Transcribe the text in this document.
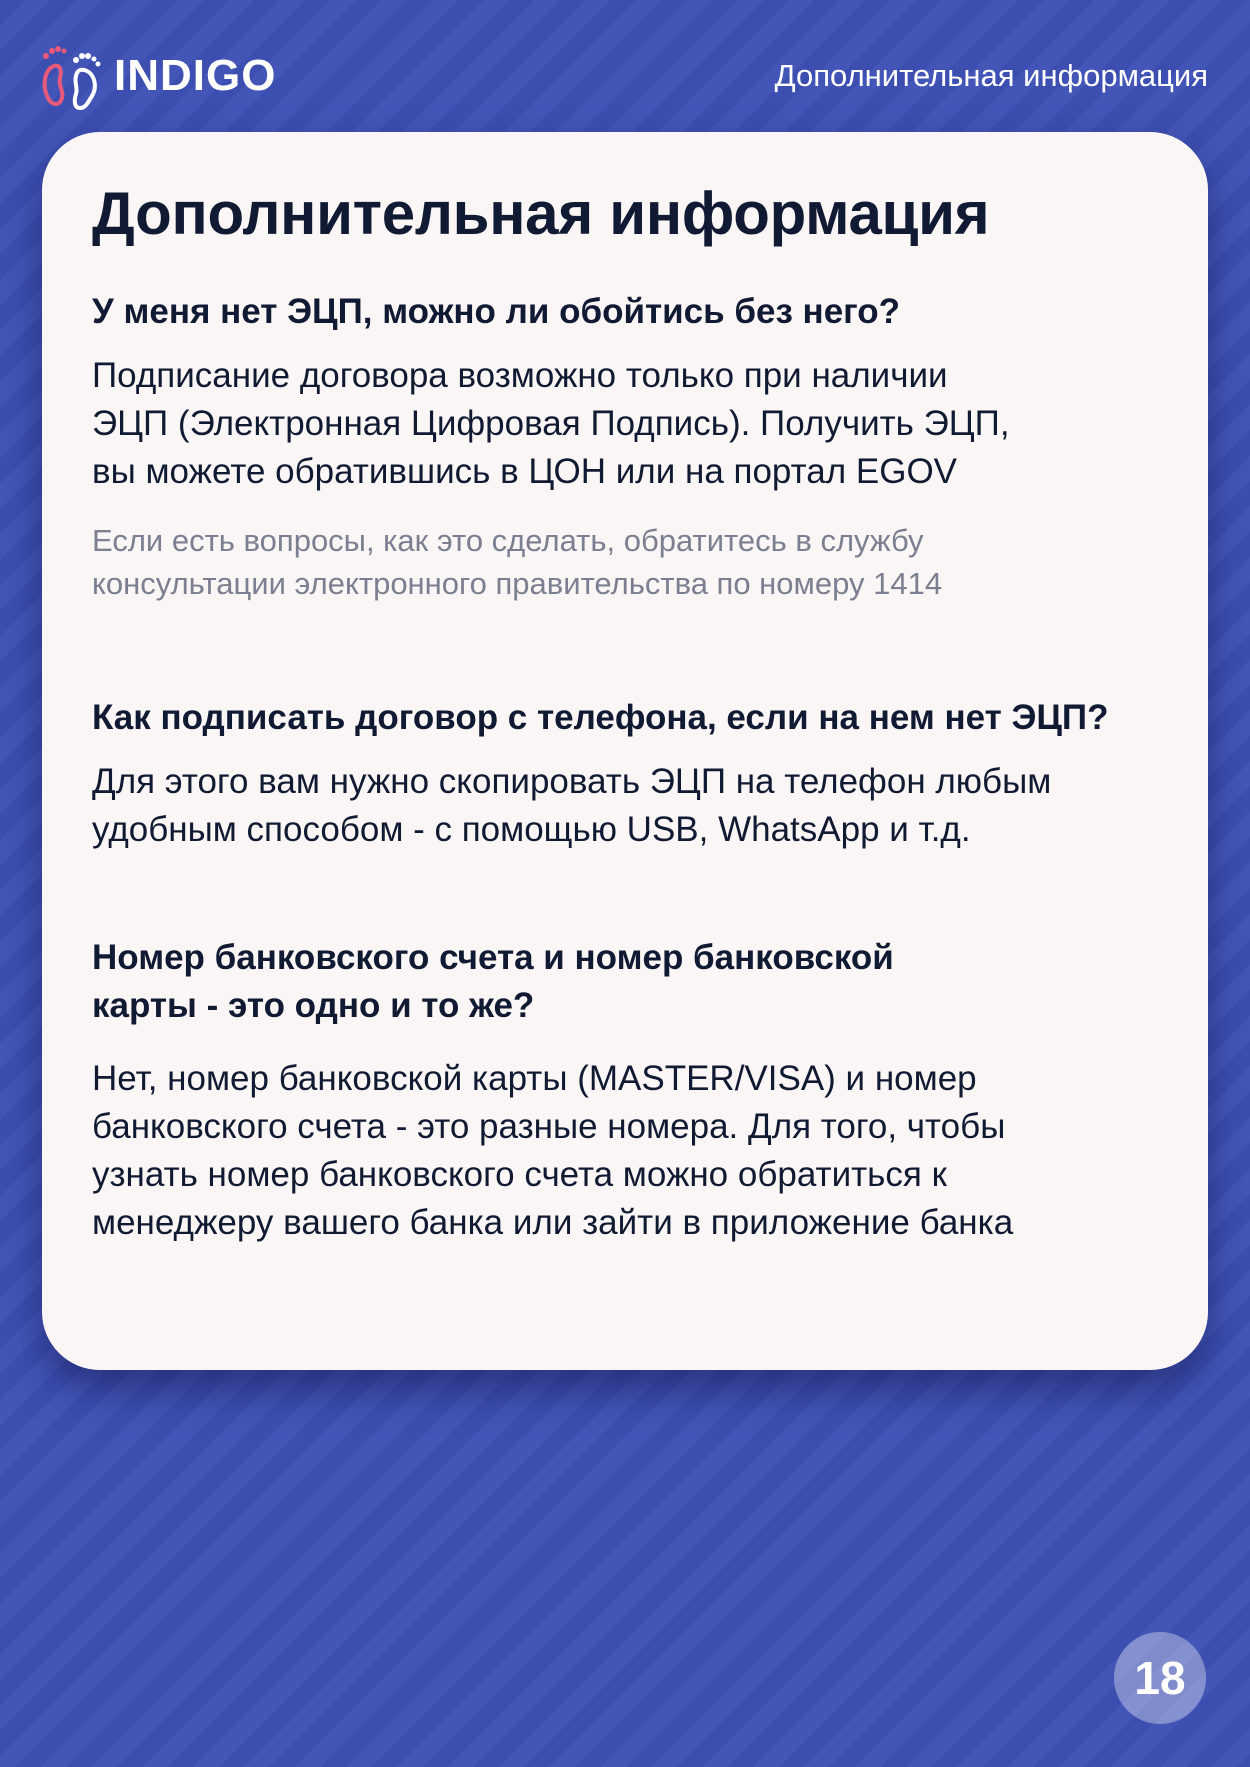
INDIGO	Дополнительная информация
Дополнительная информация

У меня нет ЭЦП, можно ли обойтись без него?

Подписание договора возможно только при наличии
ЭЦП (Электронная Цифровая Подпись). Получить ЭЦП,
вы можете обратившись в ЦОН или на портал EGOV

Если есть вопросы, как это сделать, обратитесь в службу
консультации электронного правительства по номеру 1414

Как подписать договор с телефона, если на нем нет ЭЦП?

Для этого вам нужно скопировать ЭЦП на телефон любым
удобным способом - с помощью USB, WhatsApp и т.д.

Номер банковского счета и номер банковской
карты - это одно и то же?

Нет, номер банковской карты (MASTER/VISA) и номер
банковского счета - это разные номера. Для того, чтобы
узнать номер банковского счета можно обратиться к
менеджеру вашего банка или зайти в приложение банка

18
